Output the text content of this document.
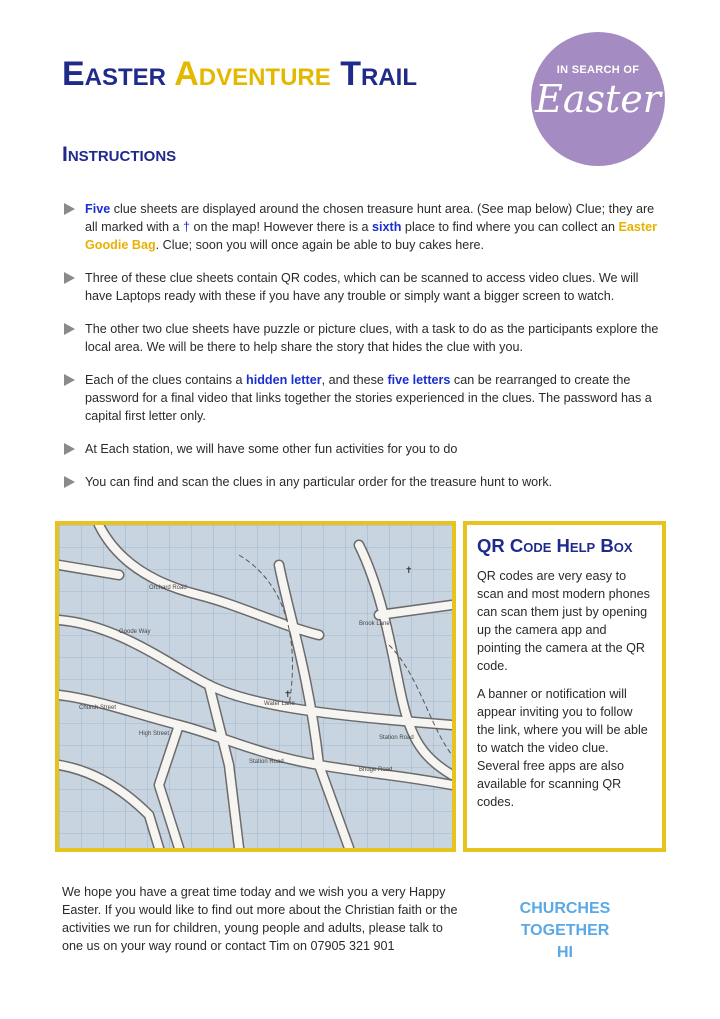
Easter Adventure Trail	IN SEARCH OF
Easter
Instructions
Five clue sheets are displayed around the chosen treasure hunt area. (See map below) Clue; they are all marked with a † on the map! However there is a sixth place to find where you can collect an Easter Goodie Bag. Clue; soon you will once again be able to buy cakes here.
Three of these clue sheets contain QR codes, which can be scanned to access video clues. We will have Laptops ready with these if you have any trouble or simply want a bigger screen to watch.
The other two clue sheets have puzzle or picture clues, with a task to do as the participants explore the local area. We will be there to help share the story that hides the clue with you.
Each of the clues contains a hidden letter, and these five letters can be rearranged to create the password for a final video that links together the stories experienced in the clues. The password has a capital first letter only.
At Each station, we will have some other fun activities for you to do
You can find and scan the clues in any particular order for the treasure hunt to work.
Goode Way
Church Street
High Street
Station Road
Water Lane
Bridge Road
Station Road
Orchard Road
Brook Lane
✝
✝
QR Code Help Box

QR codes are very easy to scan and most modern phones can scan them just by opening up the camera app and pointing the camera at the QR code.

A banner or notification will appear inviting you to follow the link, where you will be able to watch the video clue. Several free apps are also available for scanning QR codes.

We hope you have a great time today and we wish you a very Happy Easter. If you would like to find out more about the Christian faith or the activities we run for children, young people and adults, please talk to one us on your way round or contact Tim on 07905 321 901
CHURCHES
TOGETHER
HI
